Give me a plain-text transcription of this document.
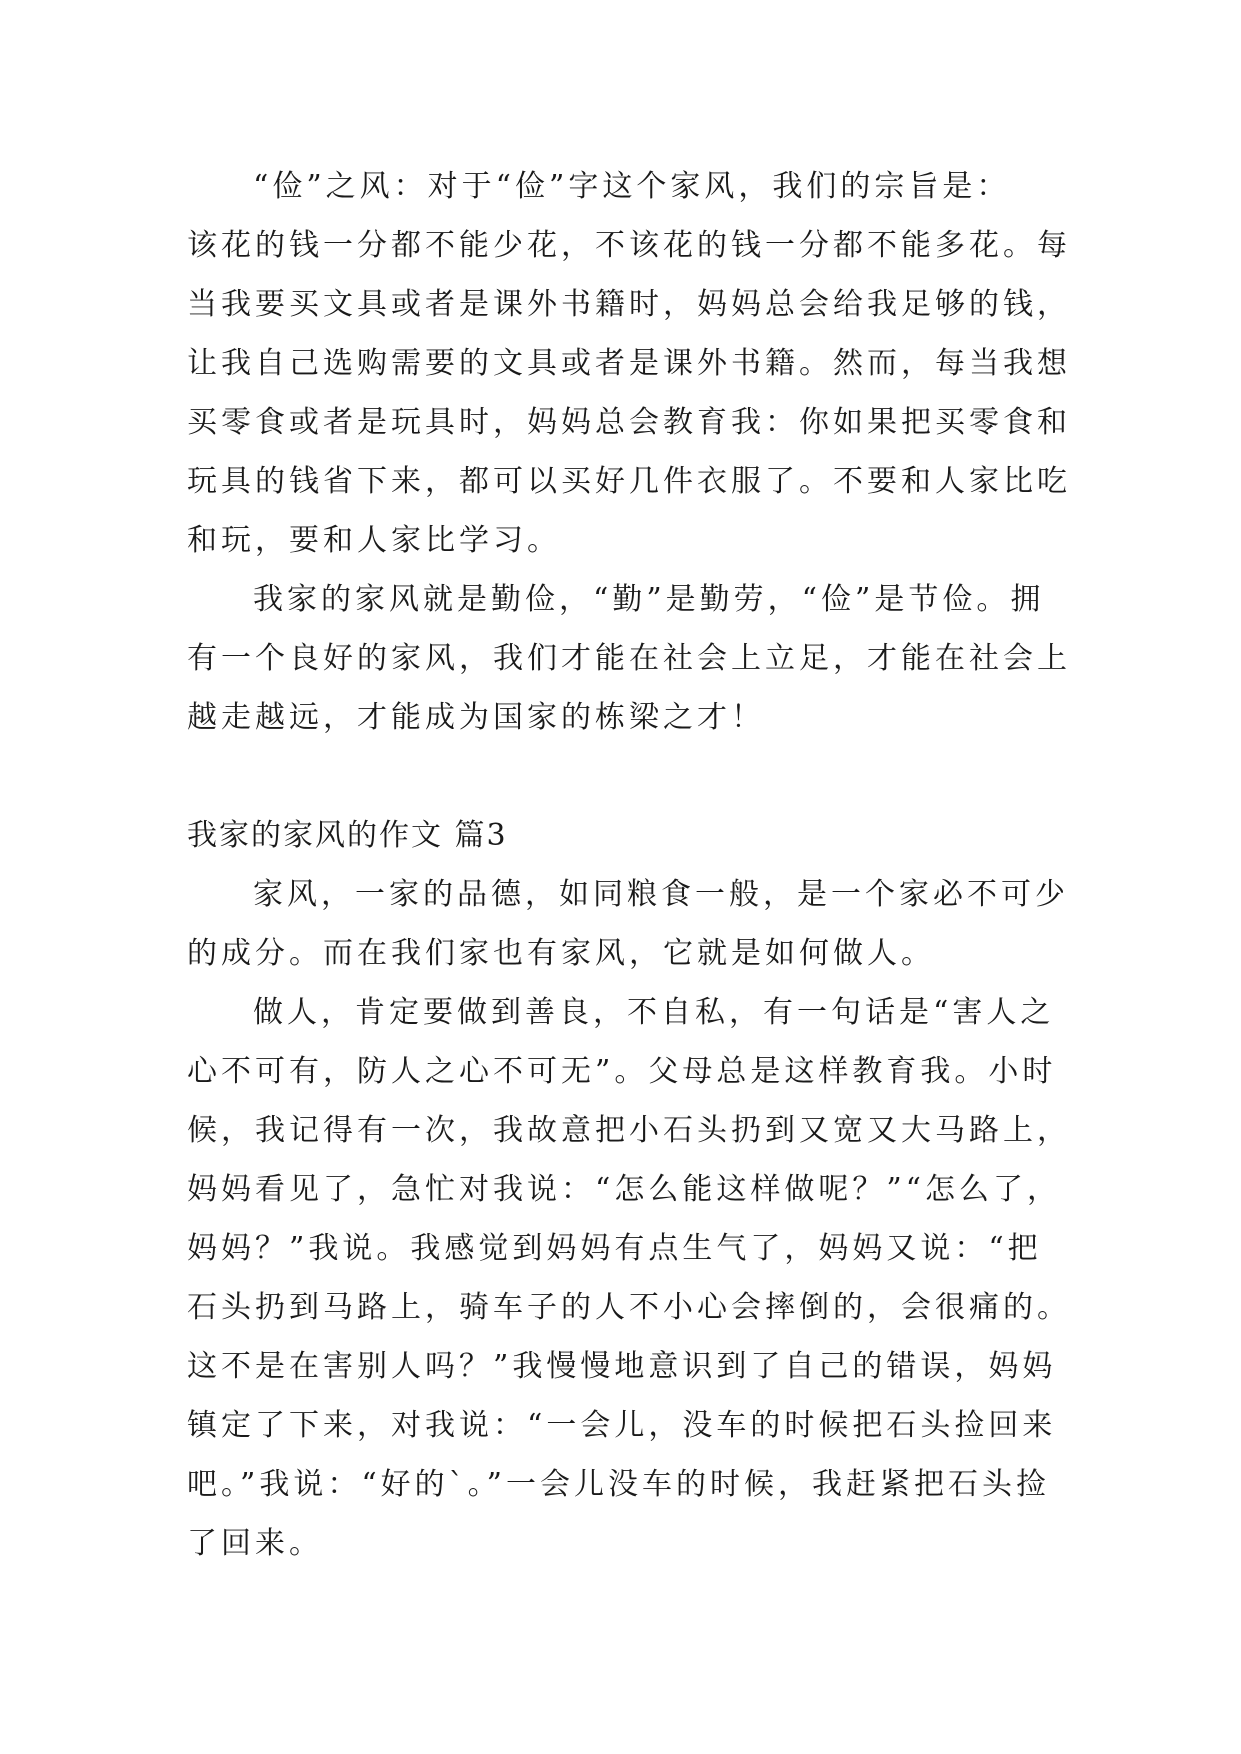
“俭”之风：对于“俭”字这个家风，我们的宗旨是：
该花的钱一分都不能少花，不该花的钱一分都不能多花。每
当我要买文具或者是课外书籍时，妈妈总会给我足够的钱，
让我自己选购需要的文具或者是课外书籍。然而，每当我想
买零食或者是玩具时，妈妈总会教育我：你如果把买零食和
玩具的钱省下来，都可以买好几件衣服了。不要和人家比吃
和玩，要和人家比学习。
我家的家风就是勤俭，“勤”是勤劳，“俭”是节俭。拥
有一个良好的家风，我们才能在社会上立足，才能在社会上
越走越远，才能成为国家的栋梁之才！
我家的家风的作文 篇3
家风，一家的品德，如同粮食一般，是一个家必不可少
的成分。而在我们家也有家风，它就是如何做人。
做人，肯定要做到善良，不自私，有一句话是“害人之
心不可有，防人之心不可无”。父母总是这样教育我。小时
候，我记得有一次，我故意把小石头扔到又宽又大马路上，
妈妈看见了，急忙对我说：“怎么能这样做呢？”“怎么了，
妈妈？”我说。我感觉到妈妈有点生气了，妈妈又说：“把
石头扔到马路上，骑车子的人不小心会摔倒的，会很痛的。
这不是在害别人吗？”我慢慢地意识到了自己的错误，妈妈
镇定了下来，对我说：“一会儿，没车的时候把石头捡回来
吧。”我说：“好的`。”一会儿没车的时候，我赶紧把石头捡
了回来。
